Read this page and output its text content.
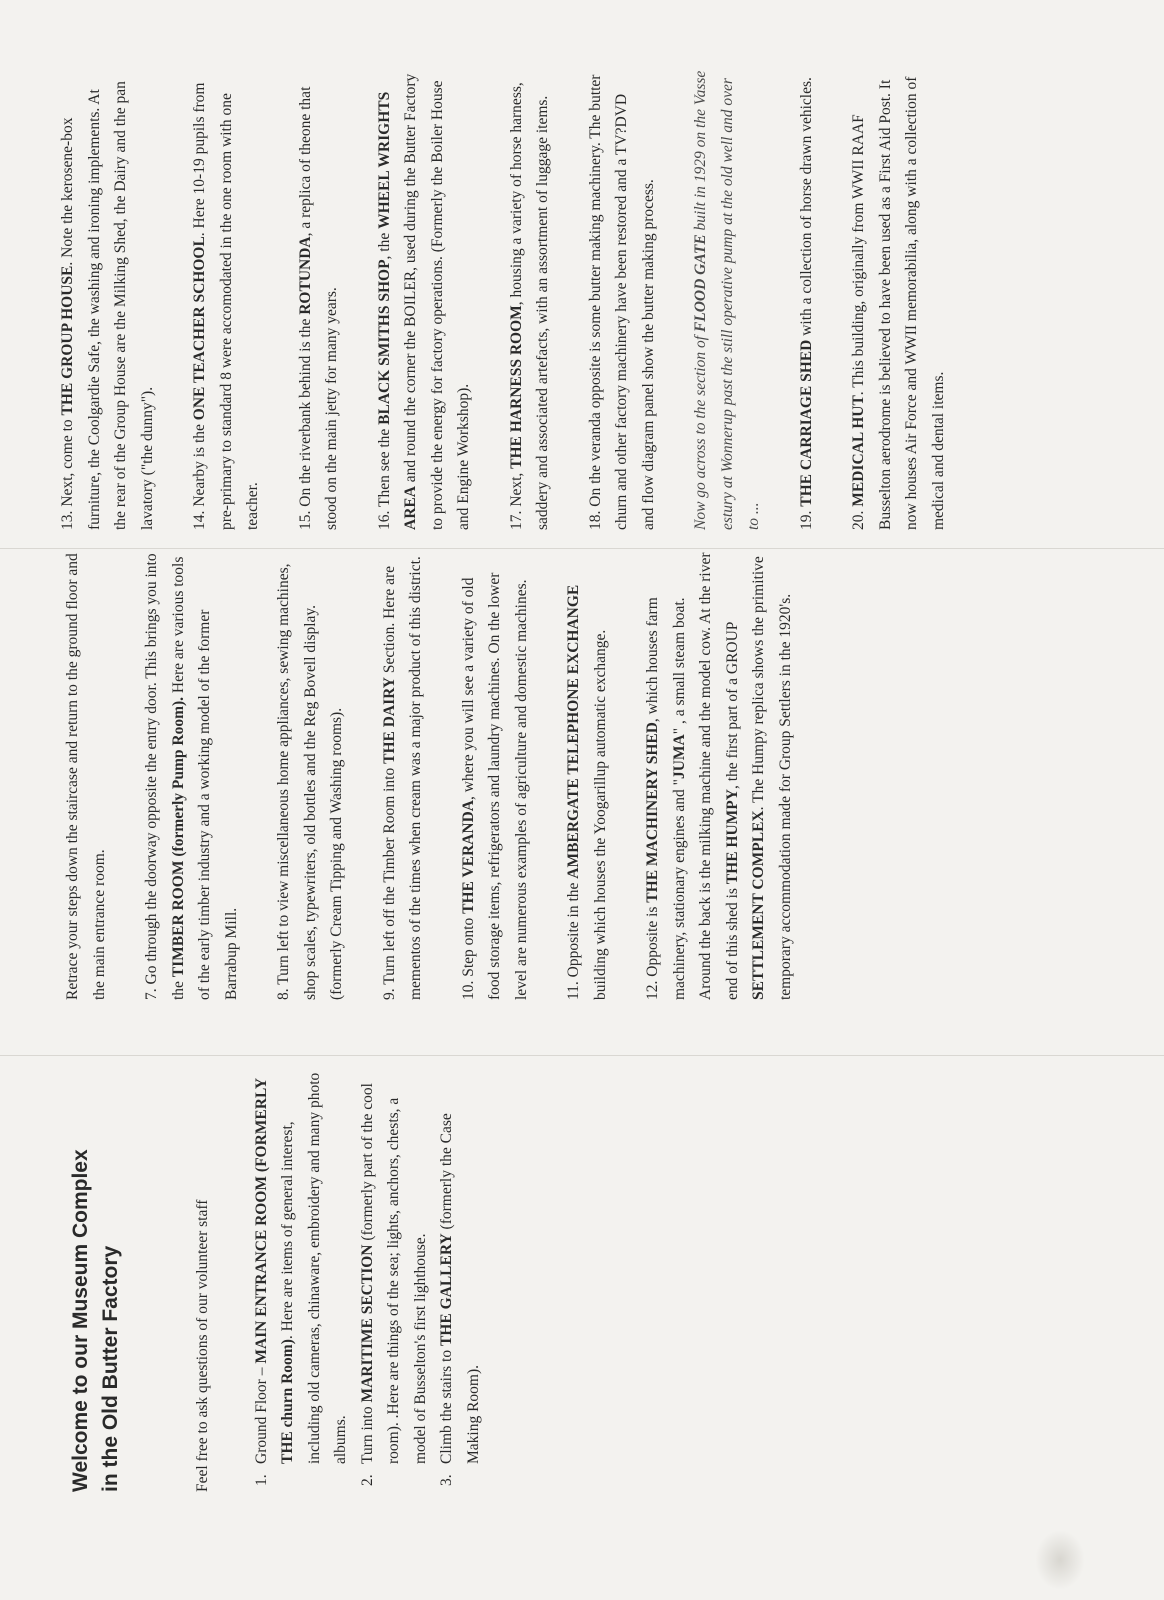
Welcome to our Museum Complex in the Old Butter Factory	Feel free to ask questions of our volunteer staff	1.
Ground Floor – MAIN ENTRANCE ROOM (FORMERLY THE churn Room). Here are items of general interest, including old cameras, chinaware, embroidery and many photo albums.
2.
Turn into MARITIME SECTION (formerly part of the cool room). .Here are things of the sea; lights, anchors, chests, a model of Busselton's first lighthouse.
3.
Climb the stairs to THE GALLERY (formerly the Case Making Room).

Retrace your steps down the staircase and return to the ground floor and the main entrance room.	7. Go through the doorway opposite the entry door. This brings you into the TIMBER ROOM (formerly Pump Room). Here are various tools of the early timber industry and a working model of the former Barrabup Mill.	8. Turn left to view miscellaneous home appliances, sewing machines, shop scales, typewriters, old bottles and the Reg Bovell display. (formerly Cream Tipping and Washing rooms).	9. Turn left off the Timber Room into THE DAIRY Section. Here are mementos of the times when cream was a major product of this district.	10. Step onto THE VERANDA, where you will see a variety of old food storage items, refrigerators and laundry machines. On the lower level are numerous examples of agriculture and domestic machines.	11. Opposite in the AMBERGATE TELEPHONE EXCHANGE building which houses the Yoogarillup automatic exchange.	12. Opposite is THE MACHINERY SHED, which houses farm machinery, stationary engines and "JUMA" , a small steam boat. Around the back is the milking machine and the model cow. At the river end of this shed is THE HUMPY, the first part of a GROUP SETTLEMENT COMPLEX. The Humpy replica shows the primitive temporary accommodation made for Group Settlers in the 1920's.

13. Next, come to THE GROUP HOUSE. Note the kerosene-box furniture, the Coolgardie Safe, the washing and ironing implements. At the rear of the Group House are the Milking Shed, the Dairy and the pan lavatory ("the dunny").	14. Nearby is the ONE TEACHER SCHOOL. Here 10-19 pupils from pre-primary to standard 8 were accomodated in the one room with one teacher.	15. On the riverbank behind is the ROTUNDA, a replica of theone that stood on the main jetty for many years.	16. Then see the BLACK SMITHS SHOP, the WHEEL WRIGHTS AREA and round the corner the BOILER, used during the Butter Factory to provide the energy for factory operations. (Formerly the Boiler House and Engine Workshop).	17. Next, THE HARNESS ROOM, housing a variety of horse harness, saddery and associated artefacts, with an assortment of luggage items.	18. On the veranda opposite is some butter making machinery. The butter churn and other factory machinery have been restored and a TV?DVD and flow diagram panel show the butter making process.	Now go across to the section of FLOOD GATE built in 1929 on the Vasse estury at Wonnerup past the still operative pump at the old well and over to ...	19. THE CARRIAGE SHED with a collection of horse drawn vehicles.

20. MEDICAL HUT. This building, originally from WWII RAAF Busselton aerodrome is believed to have been used as a First Aid Post. It now houses Air Force and WWII memorabilia, along with a collection of medical and dental items.
